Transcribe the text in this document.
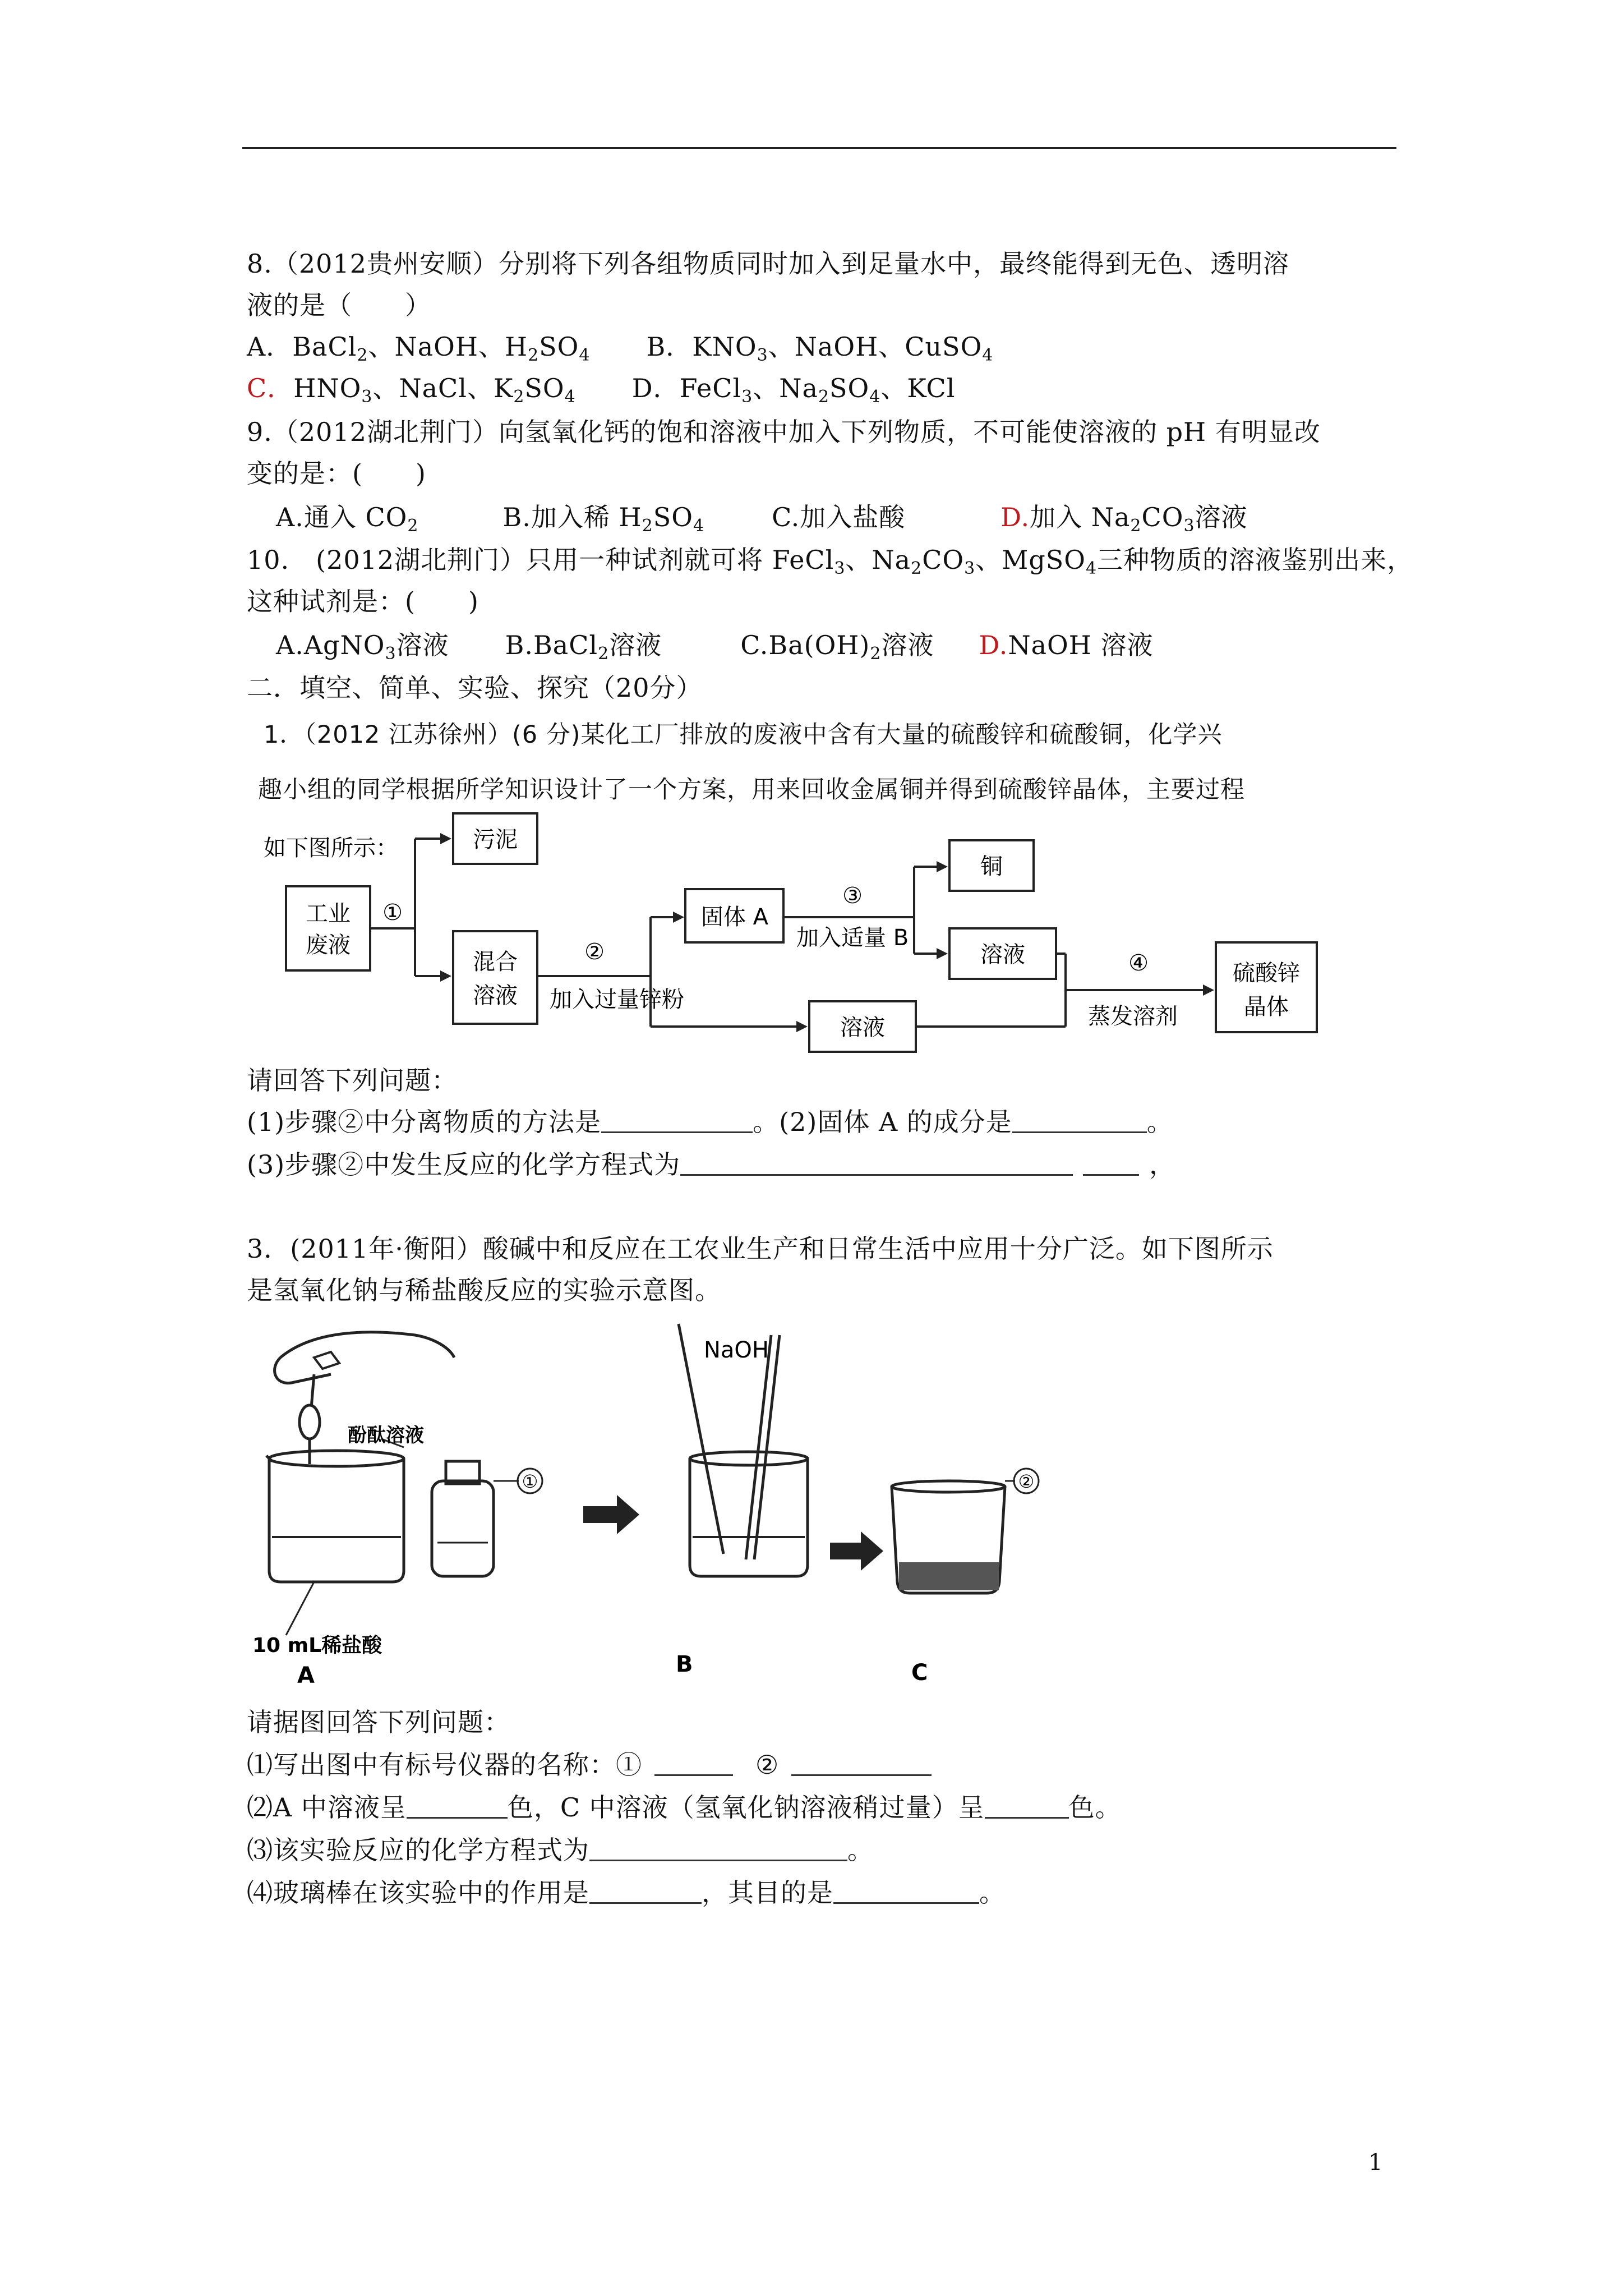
8.（2012贵州安顺）分别将下列各组物质同时加入到足量水中，最终能得到无色、透明溶
液的是（　　）
A．BaCl$_2$、NaOH、$H_2SO_4$ B．$KNO_3$、NaOH、CuSO$_4$
C．$HNO_3$、NaCl、$K_2SO_4$ D．FeCl$_3$、$Na_2SO_4$、KCl
9.（2012湖北荆门）向氢氧化钙的饱和溶液中加入下列物质，不可能使溶液的 pH 有明显改
变的是：(　　)
A.通入 $CO_2$	B.加入稀 $H_2SO_4$	C.加入盐酸	D.加入 $Na_2CO_3$溶液
10.　(2012湖北荆门）只用一种试剂就可将 FeCl$_3$、$Na_2CO_3$、MgSO$_4$三种物质的溶液鉴别出来，
这种试剂是：(　　)
A.AgNO$_3$溶液 B.BaCl$_2$溶液	$C.Ba(OH)_2$溶液 D.NaOH 溶液
二．填空、简单、实验、探究（20分）
1．（2012 江苏徐州）(6 分)某化工厂排放的废液中含有大量的硫酸锌和硫酸铜，化学兴
趣小组的同学根据所学知识设计了一个方案，用来回收金属铜并得到硫酸锌晶体，主要过程
如下图所示：
工业
废液
①
污泥
混合
溶液
②
加入过量锌粉
固体 A
③
加入适量 B
铜
溶液
溶液
④
蒸发溶剂
硫酸锌
晶体
请回答下列问题：
(1)步骤②中分离物质的方法是	。(2)固体 A 的成分是	。
(3)步骤②中发生反应的化学方程式为	，
3．(2011年·衡阳）酸碱中和反应在工农业生产和日常生活中应用十分广泛。如下图所示
是氢氧化钠与稀盐酸反应的实验示意图。
酚酞溶液
①	②
NaOH
10 mL稀盐酸
A	B	C
请据图回答下列问题：
⑴写出图中有标号仪器的名称：①	②
⑵A 中溶液呈	色，C 中溶液（氢氧化钠溶液稍过量）呈	色。
⑶该实验反应的化学方程式为	。
⑷玻璃棒在该实验中的作用是	，其目的是	。
1
